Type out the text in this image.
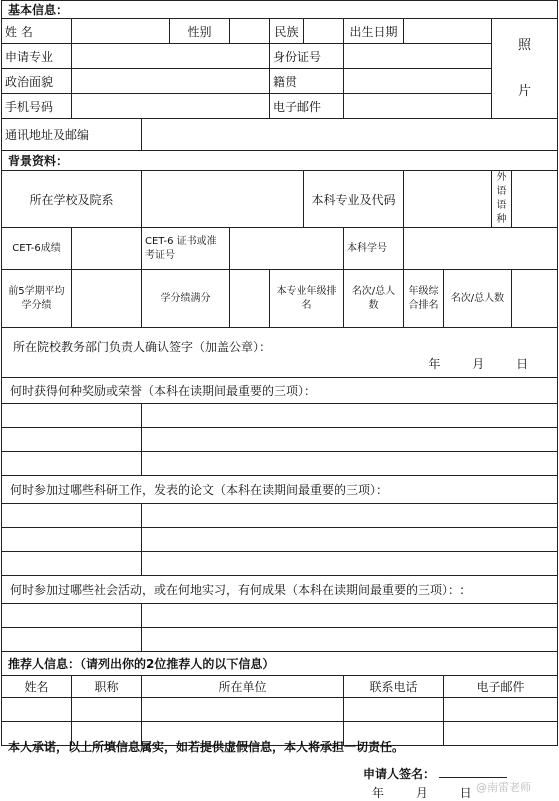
基本信息：											
姓 名			性别		民族		出生日期			照
片	

申请专业					身份证号						
政治面貌					籍贯						
手机号码					电子邮件						
通讯地址及邮编											
背景资料：											
所在学校及院系						本科专业及代码				外语语种	
CET-6成绩		CET-6 证书或准考证号					本科学号				
前5学期平均学分绩		学分绩满分			本专业年级排名		名次/总人数	年级综合排名	名次/总人数		

所在院校教务部门负责人确认签字（加盖公章）：
年 月 日											

何时获得何种奖励或荣誉（本科在读期间最重要的三项）：											

何时参加过哪些科研工作，发表的论文（本科在读期间最重要的三项）：											

何时参加过哪些社会活动，或在何地实习，有何成果（本科在读期间最重要的三项）：:											

推荐人信息：（请列出你的2位推荐人的以下信息）											
姓名	职称	所在单位					联系电话		电子邮件		

本人承诺，以上所填信息属实，如若提供虚假信息，本人将承担一切责任。
申请人签名：
年 月 日
@南雷老师
